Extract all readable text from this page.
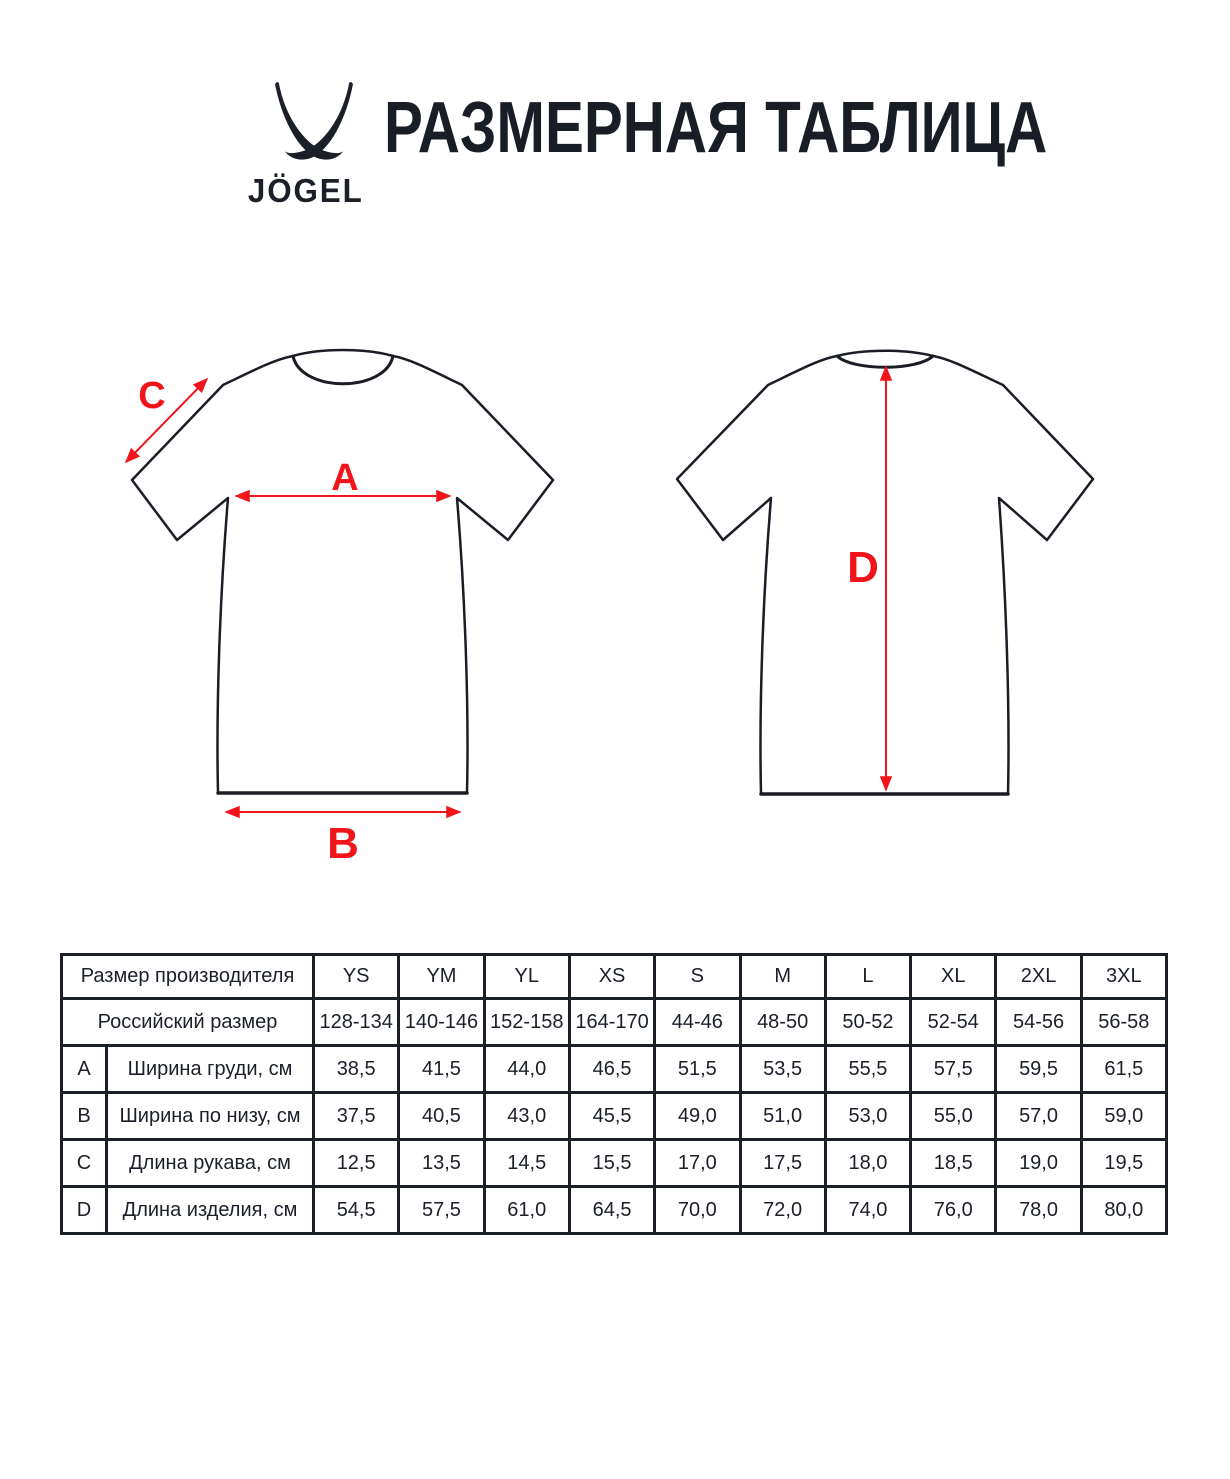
JÖGEL
РАЗМЕРНАЯ ТАБЛИЦА
A
B
C
D
Размер производителя		YS	YM	YL	XS	S	M	L	XL	2XL	3XL
Российский размер		128-134	140-146	152-158	164-170	44-46	48-50	50-52	52-54	54-56	56-58
A	Ширина груди, см	38,5	41,5	44,0	46,5	51,5	53,5	55,5	57,5	59,5	61,5
B	Ширина по низу, см	37,5	40,5	43,0	45,5	49,0	51,0	53,0	55,0	57,0	59,0
C	Длина рукава, см	12,5	13,5	14,5	15,5	17,0	17,5	18,0	18,5	19,0	19,5
D	Длина изделия, см	54,5	57,5	61,0	64,5	70,0	72,0	74,0	76,0	78,0	80,0
